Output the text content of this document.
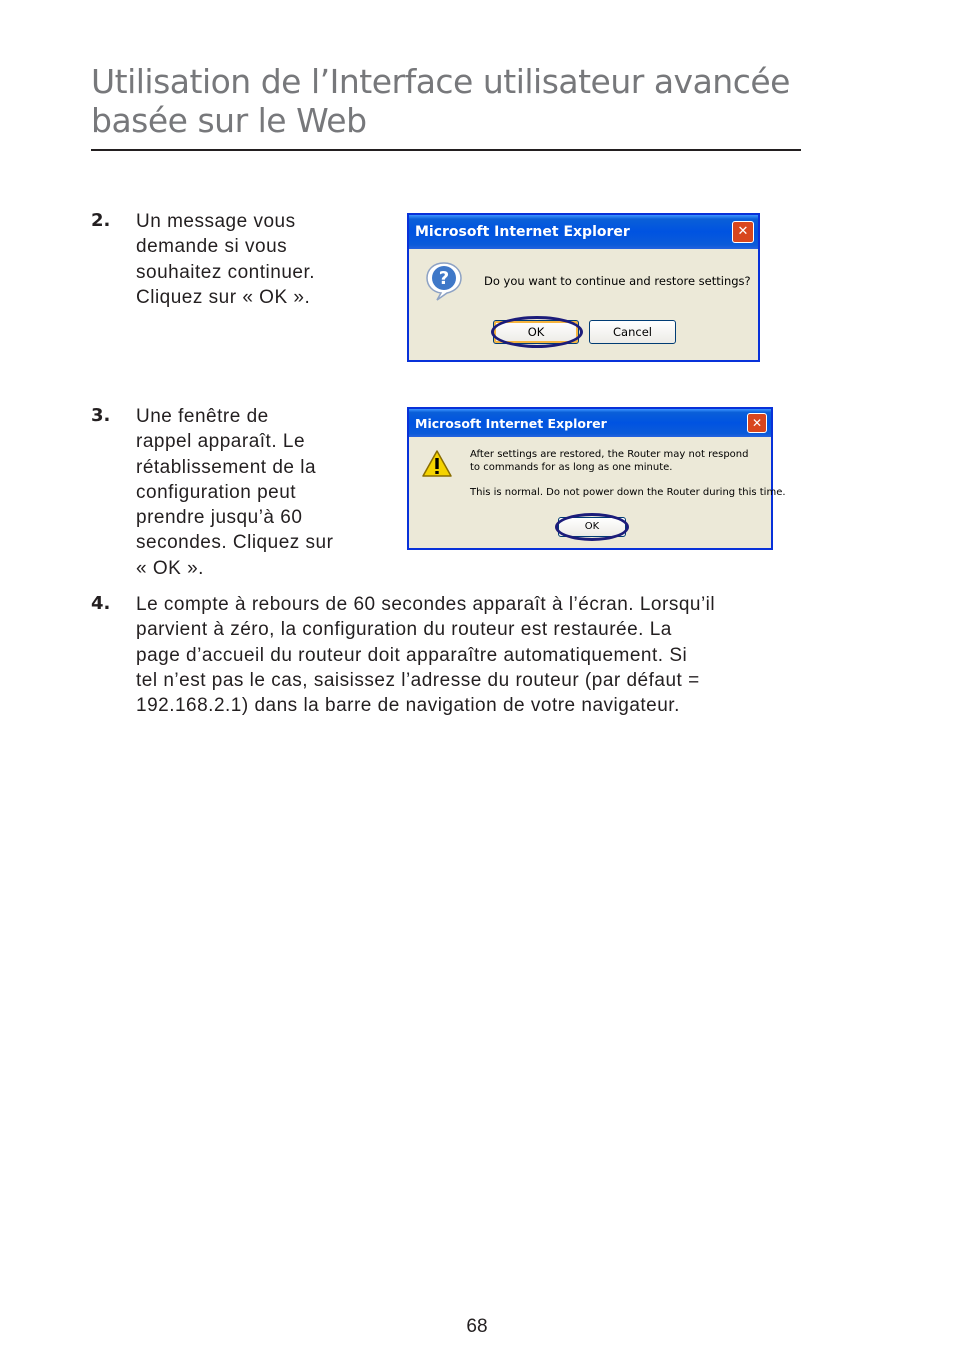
Utilisation de l’Interface utilisateur avancée
basée sur le Web
2. Un message vous
demande si vous
souhaitez continuer.
Cliquez sur « OK ».
Microsoft Internet Explorer	✕
?	Do you want to continue and restore settings?
OK	Cancel
3. Une fenêtre de
rappel apparaît. Le
rétablissement de la
configuration peut
prendre jusqu’à 60
secondes. Cliquez sur
« OK ».
Microsoft Internet Explorer	✕
After settings are restored, the Router may not respond
to commands for as long as one minute.
This is normal. Do not power down the Router during this time.
OK
4. Le compte à rebours de 60 secondes apparaît à l’écran. Lorsqu’il
parvient à zéro, la configuration du routeur est restaurée. La
page d’accueil du routeur doit apparaître automatiquement. Si
tel n’est pas le cas, saisissez l’adresse du routeur (par défaut =
192.168.2.1) dans la barre de navigation de votre navigateur.
68
